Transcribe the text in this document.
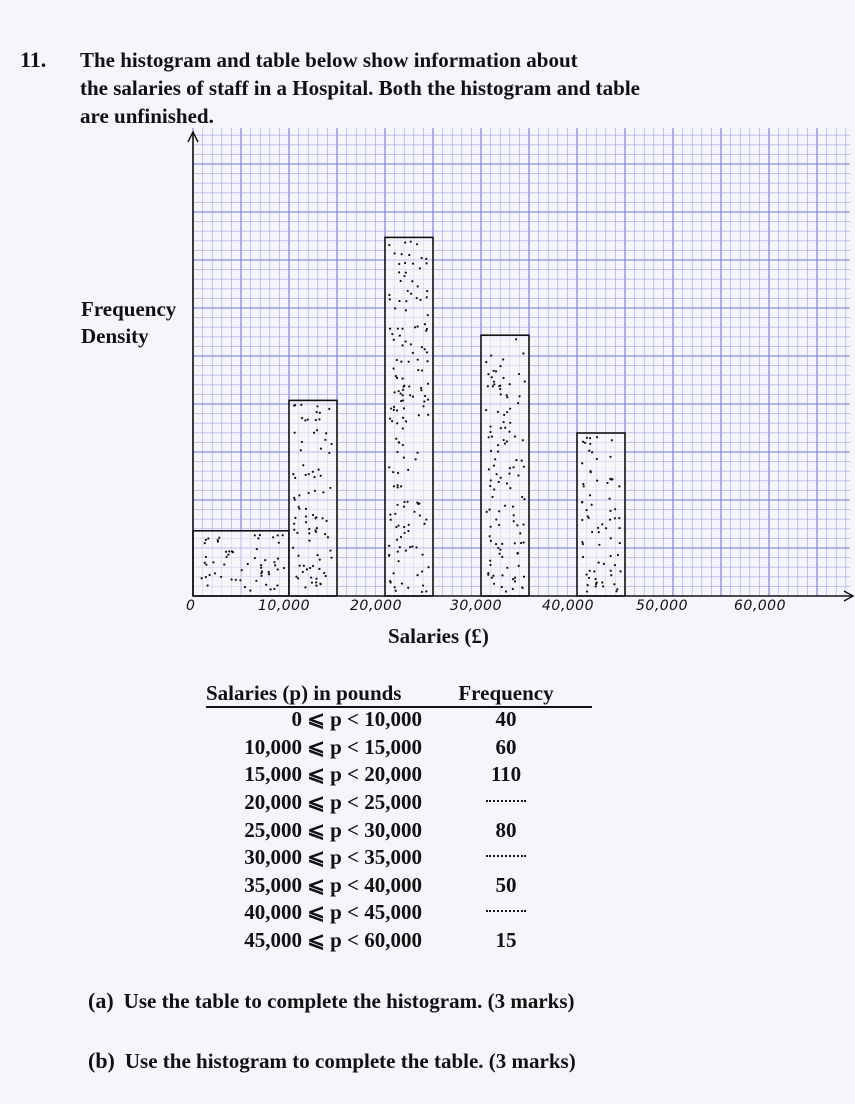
11. The histogram and table below show information about
the salaries of staff in a Hospital. Both the histogram and table
are unfinished.
Frequency
Density
0	10,000	20,000	30,000	40,000	50,000	60,000
Salaries (£)
Salaries (p) in pounds	Frequency
0 ⩽ p < 10,000	40
10,000 ⩽ p < 15,000	60
15,000 ⩽ p < 20,000	110
20,000 ⩽ p < 25,000	
25,000 ⩽ p < 30,000	80
30,000 ⩽ p < 35,000	
35,000 ⩽ p < 40,000	50
40,000 ⩽ p < 45,000	
45,000 ⩽ p < 60,000	15
(a) Use the table to complete the histogram. (3 marks)
(b) Use the histogram to complete the table. (3 marks)
